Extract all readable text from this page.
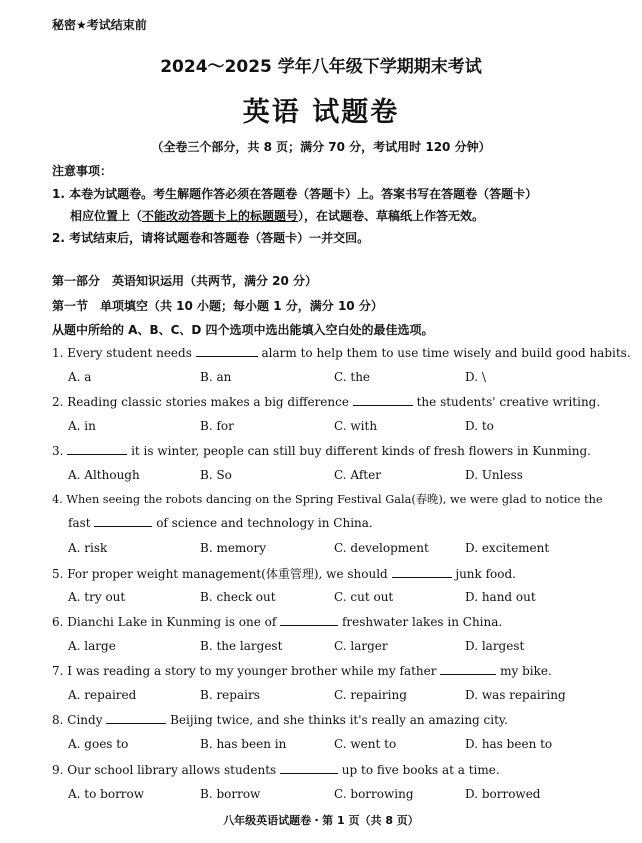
秘密★考试结束前
2024～2025 学年八年级下学期期末考试
英语 试题卷
（全卷三个部分，共 8 页；满分 70 分，考试用时 120 分钟）
注意事项：
1. 本卷为试题卷。考生解题作答必须在答题卷（答题卡）上。答案书写在答题卷（答题卡）
相应位置上（不能改动答题卡上的标题题号），在试题卷、草稿纸上作答无效。
2. 考试结束后，请将试题卷和答题卷（答题卡）一并交回。
第一部分　英语知识运用（共两节，满分 20 分）
第一节　单项填空（共 10 小题；每小题 1 分，满分 10 分）
从题中所给的 A、B、C、D 四个选项中选出能填入空白处的最佳选项。
1. Every student needs	alarm to help them to use time wisely and build good habits.
A. a	B. an	C. the	D. \
2. Reading classic stories makes a big difference	the students' creative writing.
A. in	B. for	C. with	D. to
3.	it is winter, people can still buy different kinds of fresh flowers in Kunming.
A. Although	B. So	C. After	D. Unless
4. When seeing the robots dancing on the Spring Festival Gala(春晚), we were glad to notice the
fast	of science and technology in China.
A. risk	B. memory	C. development	D. excitement
5. For proper weight management(体重管理), we should	junk food.
A. try out	B. check out	C. cut out	D. hand out
6. Dianchi Lake in Kunming is one of	freshwater lakes in China.
A. large	B. the largest	C. larger	D. largest
7. I was reading a story to my younger brother while my father	my bike.
A. repaired	B. repairs	C. repairing	D. was repairing
8. Cindy	Beijing twice, and she thinks it's really an amazing city.
A. goes to	B. has been in	C. went to	D. has been to
9. Our school library allows students	up to five books at a time.
A. to borrow	B. borrow	C. borrowing	D. borrowed
八年级英语试题卷・第 1 页（共 8 页）
